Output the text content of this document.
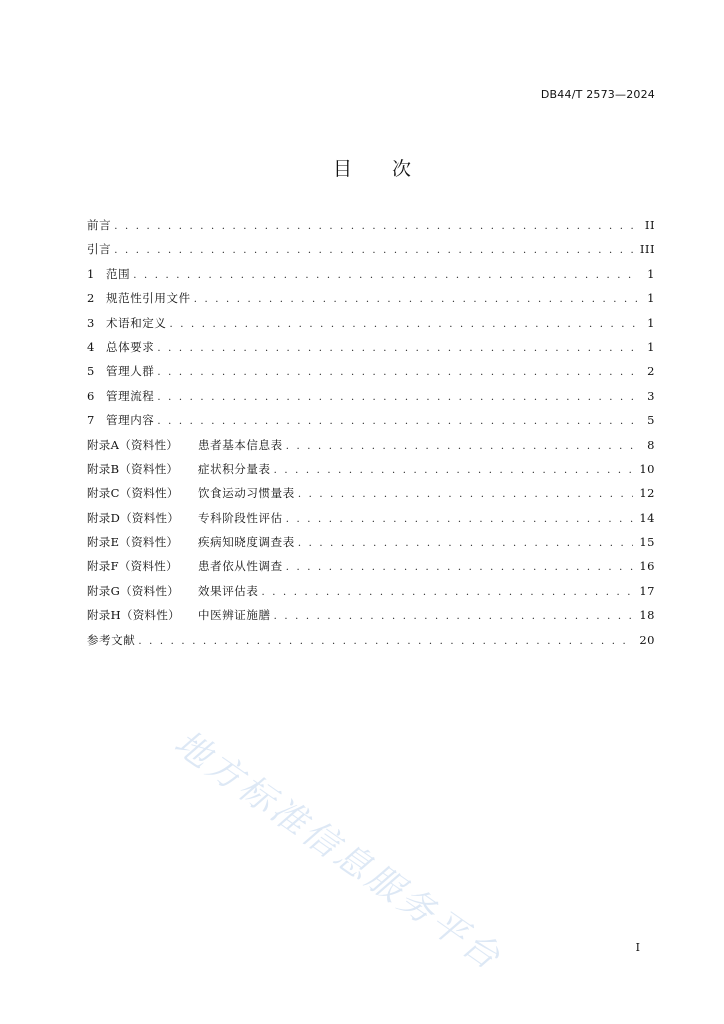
DB44/T 2573—2024
目 次
前言 . . .	II
引言 . . .	III
1	范围 . . .	1
2	规范性引用文件 . . .	1
3	术语和定义 . . .	1
4	总体要求 . . .	1
5	管理人群 . . .	2
6	管理流程 . . .	3
7	管理内容 . . .	5
附录A（资料性）	患者基本信息表 . . .	8
附录B（资料性）	症状积分量表 . . .	10
附录C（资料性）	饮食运动习惯量表 . . .	12
附录D（资料性）	专科阶段性评估 . . .	14
附录E（资料性）	疾病知晓度调查表 . . .	15
附录F（资料性）	患者依从性调查 . . .	16
附录G（资料性）	效果评估表 . . .	17
附录H（资料性）	中医辨证施膳 . . .	18
参考文献 . . .	20
地方标准信息服务平台	I
